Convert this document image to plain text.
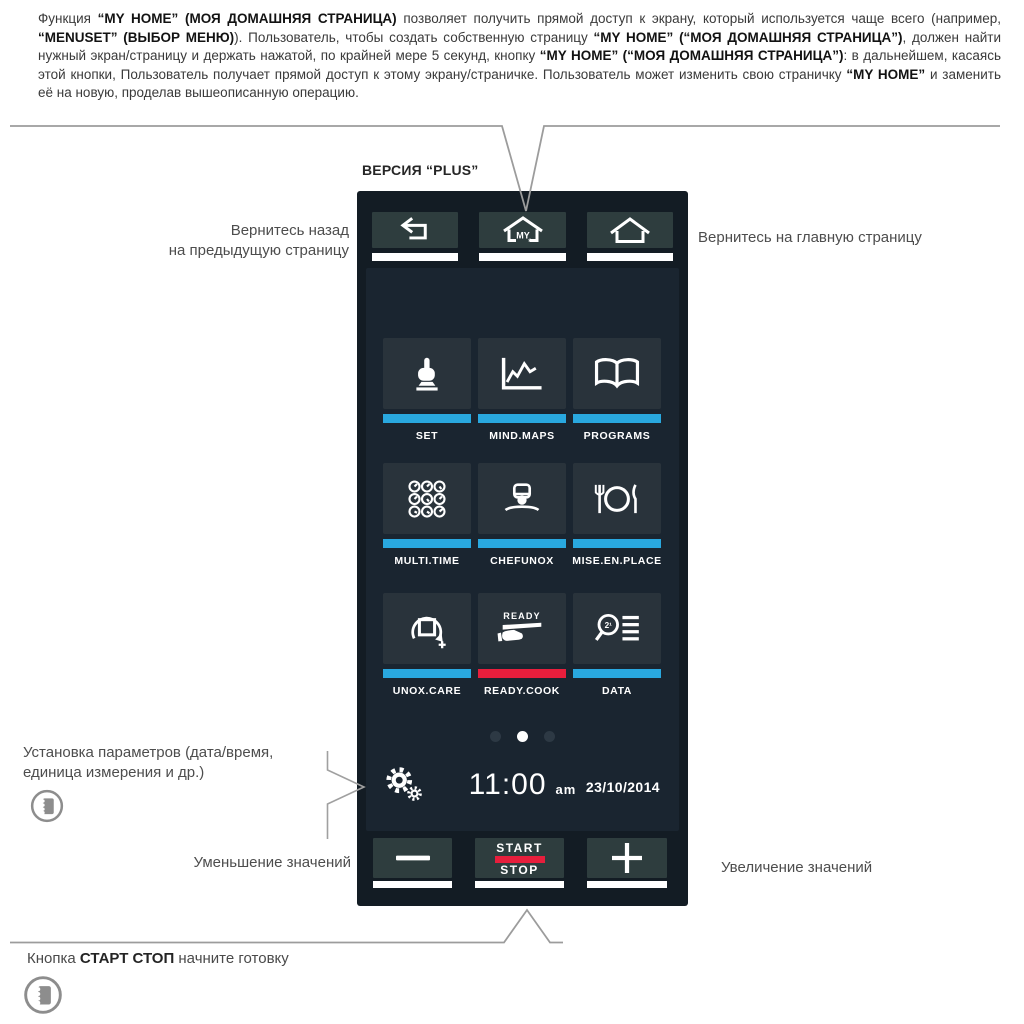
Функция “MY HOME” (МОЯ ДОМАШНЯЯ СТРАНИЦА) позволяет получить прямой доступ к экрану, который используется чаще всего (например, “MENUSET” (ВЫБОР МЕНЮ)). Пользователь, чтобы создать собственную страницу “MY HOME” (“МОЯ ДОМАШНЯЯ СТРАНИЦА”), должен найти нужный экран/страницу и держать нажатой, по крайней мере 5 секунд, кнопку “MY HOME” (“МОЯ ДОМАШНЯЯ СТРАНИЦА”): в дальнейшем, касаясь этой кнопки, Пользователь получает прямой доступ к этому экрану/страничке. Пользователь может изменить свою страничку “MY HOME” и заменить её на новую, проделав вышеописанную операцию.
ВЕРСИЯ “PLUS”
MY
*
SET	MIND.MAPS	PROGRAMS
MULTI.TIME	CHEFUNOX MISE.EN.PLACE
UNOX.CARE
READY
READY.COOK
2¹
DATA
11:00 am 23/10/2014
START
STOP
Вернитесь назад
на предыдущую страницу
Вернитесь на главную страницу
Установка параметров (дата/время,
единица измерения и др.)
Уменьшение значений	Увеличение значений
Кнопка СТАРТ СТОП начните готовку
